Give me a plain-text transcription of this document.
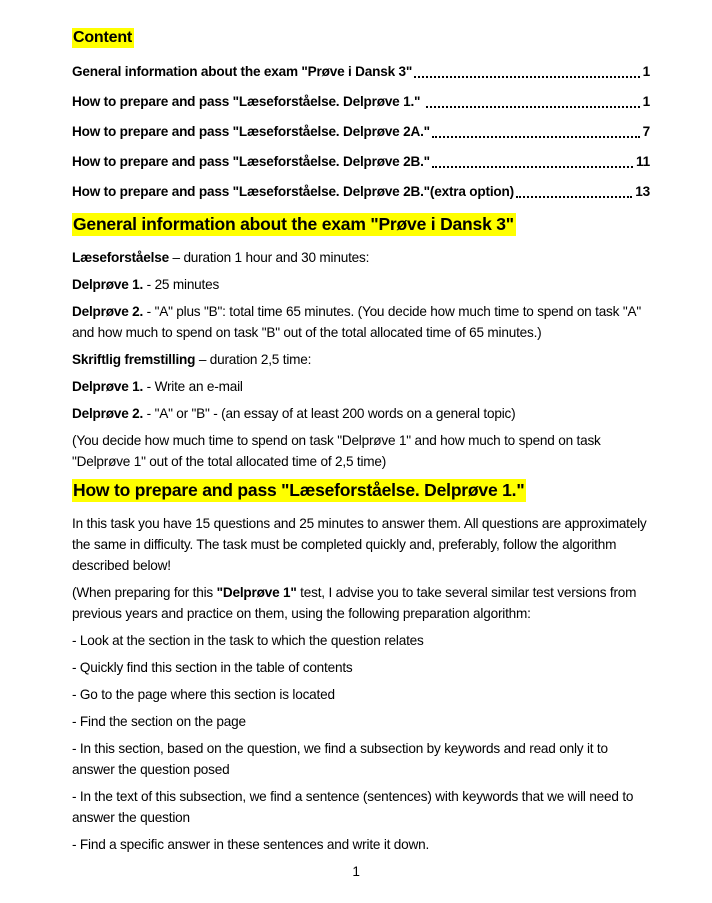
Content
General information about the exam "Prøve i Dansk 3"	1
How to prepare and pass "Læseforståelse. Delprøve 1."	1
How to prepare and pass "Læseforståelse. Delprøve 2A."	7
How to prepare and pass "Læseforståelse. Delprøve 2B."	11
How to prepare and pass "Læseforståelse. Delprøve 2B."(extra option)	13
General information about the exam "Prøve i Dansk 3"

Læseforståelse – duration 1 hour and 30 minutes:

Delprøve 1. - 25 minutes

Delprøve 2. - "A" plus "B": total time 65 minutes. (You decide how much time to spend on task "A" and how much to spend on task "B" out of the total allocated time of 65 minutes.)

Skriftlig fremstilling – duration 2,5 time:

Delprøve 1. - Write an e-mail

Delprøve 2. - "A" or "B" - (an essay of at least 200 words on a general topic)

(You decide how much time to spend on task "Delprøve 1" and how much to spend on task "Delprøve 1" out of the total allocated time of 2,5 time)

How to prepare and pass "Læseforståelse. Delprøve 1."

In this task you have 15 questions and 25 minutes to answer them. All questions are approximately the same in difficulty. The task must be completed quickly and, preferably, follow the algorithm described below!

(When preparing for this "Delprøve 1" test, I advise you to take several similar test versions from previous years and practice on them, using the following preparation algorithm:

- Look at the section in the task to which the question relates

- Quickly find this section in the table of contents

- Go to the page where this section is located

- Find the section on the page

- In this section, based on the question, we find a subsection by keywords and read only it to answer the question posed

- In the text of this subsection, we find a sentence (sentences) with keywords that we will need to answer the question

- Find a specific answer in these sentences and write it down.

1
